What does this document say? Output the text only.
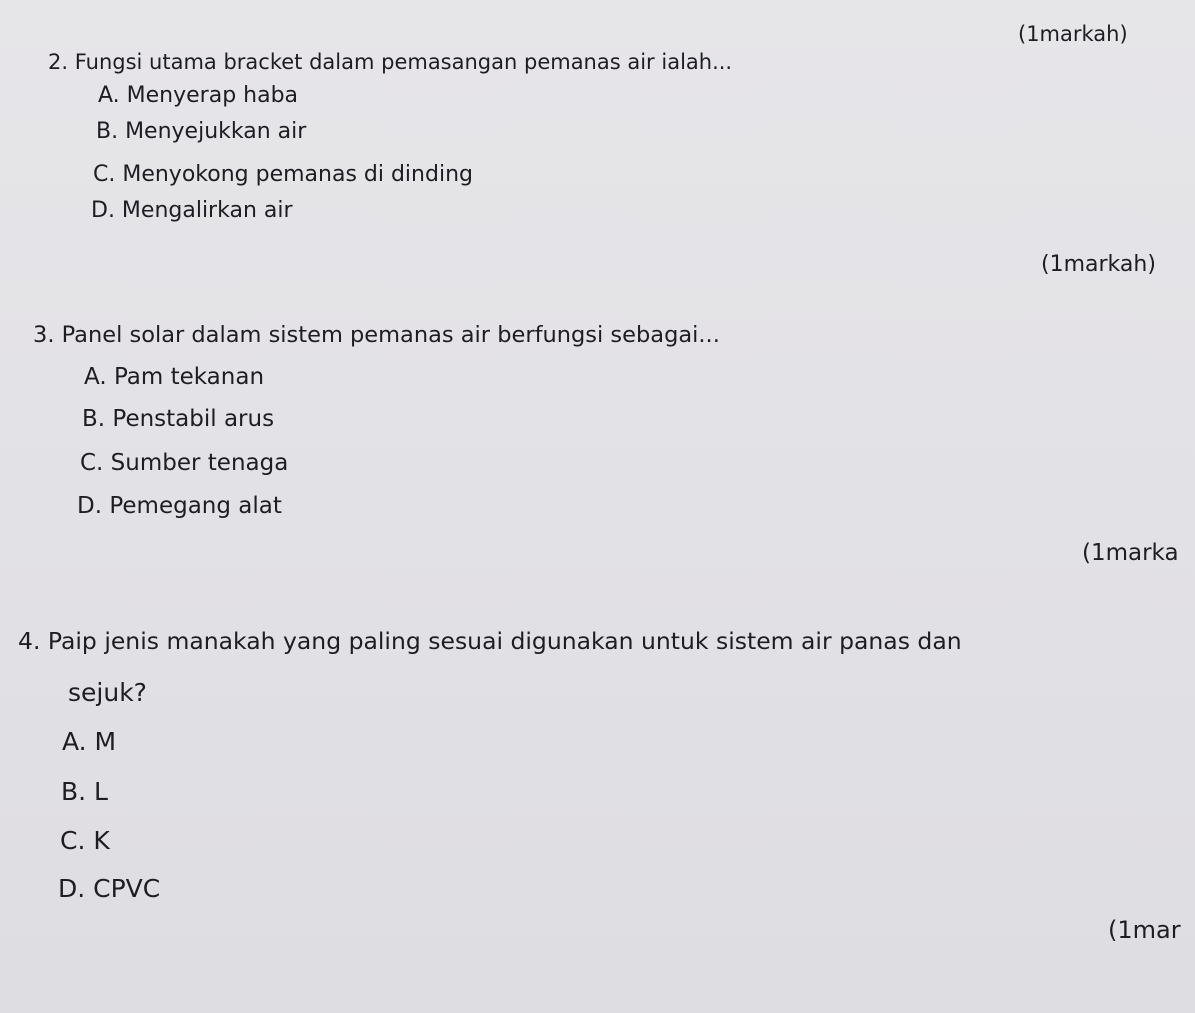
(1markah)
(1markah)
(1marka
(1mar
2. Fungsi utama bracket dalam pemasangan pemanas air ialah...
A. Menyerap haba
B. Menyejukkan air
C. Menyokong pemanas di dinding
D. Mengalirkan air
3. Panel solar dalam sistem pemanas air berfungsi sebagai...
A. Pam tekanan
B. Penstabil arus
C. Sumber tenaga
D. Pemegang alat
4. Paip jenis manakah yang paling sesuai digunakan untuk sistem air panas dan
sejuk?
A. M
B. L
C. K
D. CPVC
